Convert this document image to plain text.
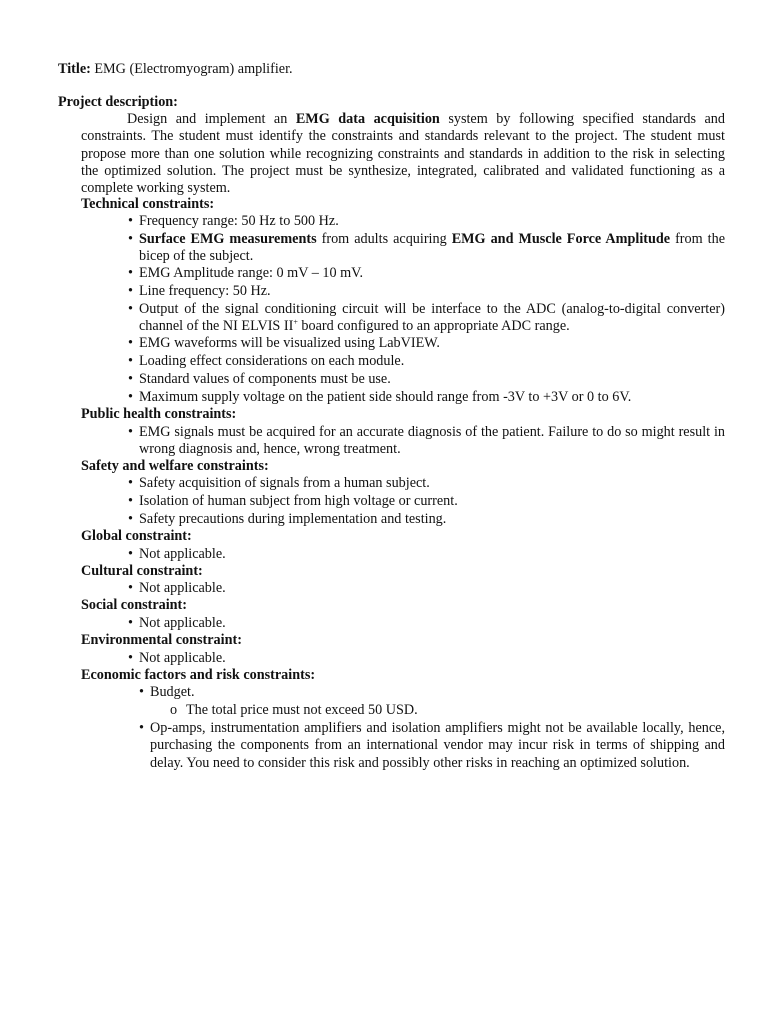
Title: EMG (Electromyogram) amplifier.
Project description:
Design and implement an EMG data acquisition system by following specified standards and constraints. The student must identify the constraints and standards relevant to the project. The student must propose more than one solution while recognizing constraints and standards in addition to the risk in selecting the optimized solution. The project must be synthesize, integrated, calibrated and validated functioning as a complete working system.
Technical constraints:
• Frequency range: 50 Hz to 500 Hz.
• Surface EMG measurements from adults acquiring EMG and Muscle Force Amplitude from the bicep of the subject.
• EMG Amplitude range: 0 mV – 10 mV.
• Line frequency: 50 Hz.
• Output of the signal conditioning circuit will be interface to the ADC (analog-to-digital converter) channel of the NI ELVIS II+ board configured to an appropriate ADC range.
• EMG waveforms will be visualized using LabVIEW.
• Loading effect considerations on each module.
• Standard values of components must be use.
• Maximum supply voltage on the patient side should range from -3V to +3V or 0 to 6V.
Public health constraints:
• EMG signals must be acquired for an accurate diagnosis of the patient. Failure to do so might result in wrong diagnosis and, hence, wrong treatment.
Safety and welfare constraints:
• Safety acquisition of signals from a human subject.
• Isolation of human subject from high voltage or current.
• Safety precautions during implementation and testing.
Global constraint:
• Not applicable.
Cultural constraint:
• Not applicable.
Social constraint:
• Not applicable.
Environmental constraint:
• Not applicable.
Economic factors and risk constraints:
• Budget.
o The total price must not exceed 50 USD.
• Op-amps, instrumentation amplifiers and isolation amplifiers might not be available locally, hence, purchasing the components from an international vendor may incur risk in terms of shipping and delay. You need to consider this risk and possibly other risks in reaching an optimized solution.
